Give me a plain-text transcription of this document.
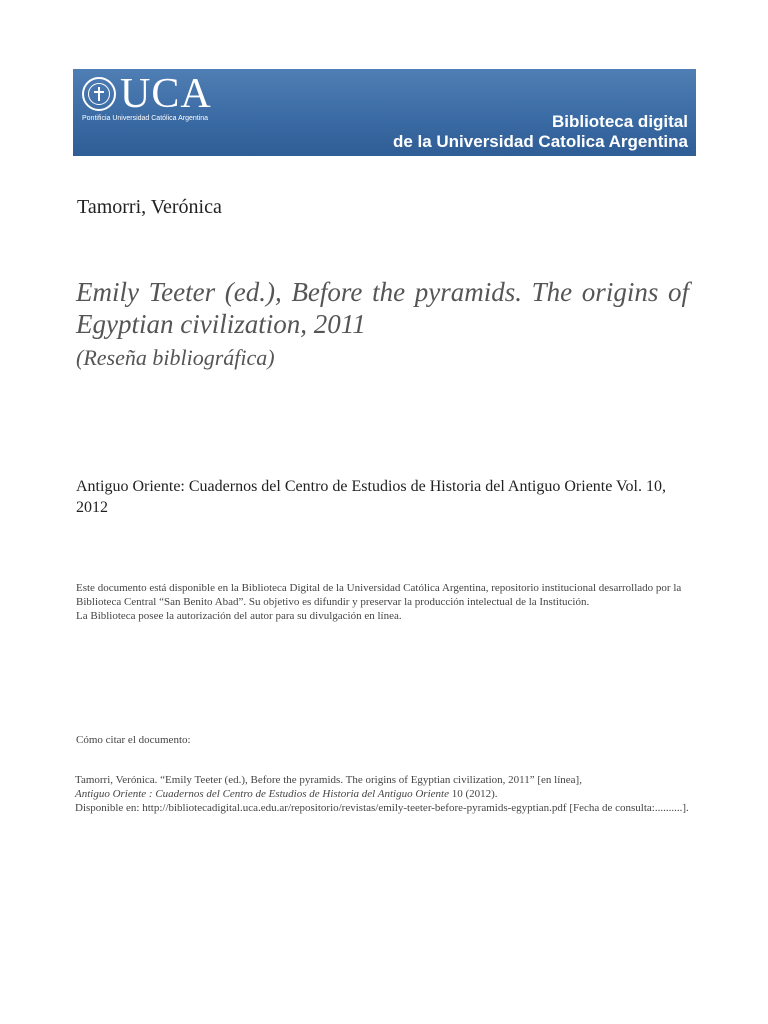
UCA
Pontificia Universidad Católica Argentina	Biblioteca digital
de la Universidad Catolica Argentina
Tamorri, Verónica
Emily Teeter (ed.), Before the pyramids. The origins of Egyptian civilization, 2011
(Reseña bibliográfica)
Antiguo Oriente: Cuadernos del Centro de Estudios de Historia del Antiguo Oriente Vol. 10, 2012

Este documento está disponible en la Biblioteca Digital de la Universidad Católica Argentina, repositorio institucional desarrollado por la Biblioteca Central “San Benito Abad”. Su objetivo es difundir y preservar la producción intelectual de la Institución.

La Biblioteca posee la autorización del autor para su divulgación en línea.

Cómo citar el documento:

Tamorri, Verónica. “Emily Teeter (ed.), Before the pyramids. The origins of Egyptian civilization, 2011” [en línea],

Antiguo Oriente : Cuadernos del Centro de Estudios de Historia del Antiguo Oriente 10 (2012).

Disponible en: http://bibliotecadigital.uca.edu.ar/repositorio/revistas/emily-teeter-before-pyramids-egyptian.pdf [Fecha de consulta:..........].
